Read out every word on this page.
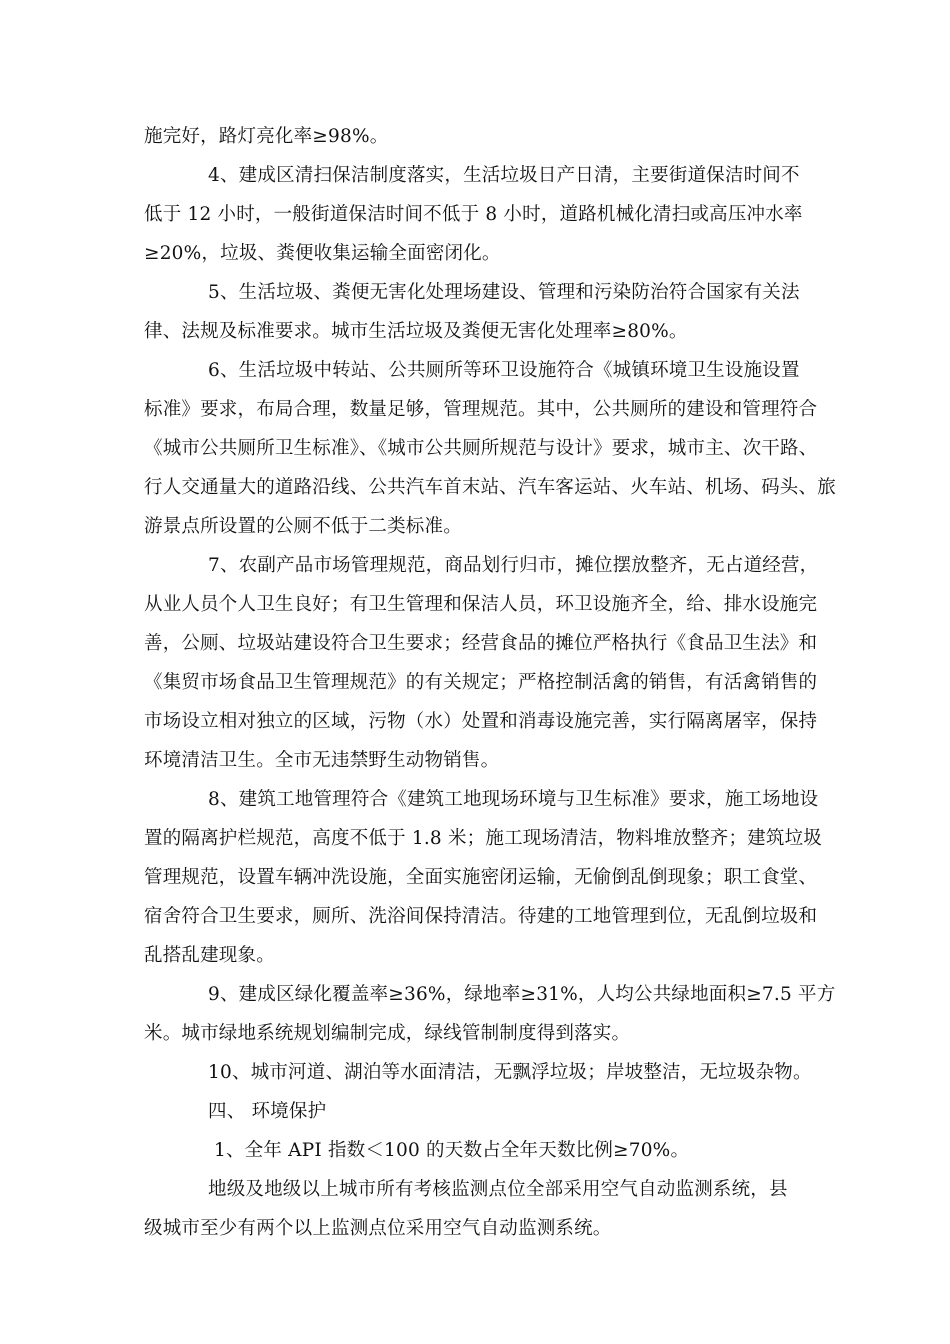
施完好，路灯亮化率≥98%。
4、建成区清扫保洁制度落实，生活垃圾日产日清，主要街道保洁时间不
低于 12 小时，一般街道保洁时间不低于 8 小时，道路机械化清扫或高压冲水率
≥20%，垃圾、粪便收集运输全面密闭化。
5、生活垃圾、粪便无害化处理场建设、管理和污染防治符合国家有关法
律、法规及标准要求。城市生活垃圾及粪便无害化处理率≥80%。
6、生活垃圾中转站、公共厕所等环卫设施符合《城镇环境卫生设施设置
标准》要求，布局合理，数量足够，管理规范。其中，公共厕所的建设和管理符合
《城市公共厕所卫生标准》、《城市公共厕所规范与设计》要求，城市主、次干路、
行人交通量大的道路沿线、公共汽车首末站、汽车客运站、火车站、机场、码头、旅
游景点所设置的公厕不低于二类标准。
7、农副产品市场管理规范，商品划行归市，摊位摆放整齐，无占道经营，
从业人员个人卫生良好；有卫生管理和保洁人员，环卫设施齐全，给、排水设施完
善，公厕、垃圾站建设符合卫生要求；经营食品的摊位严格执行《食品卫生法》和
《集贸市场食品卫生管理规范》的有关规定；严格控制活禽的销售，有活禽销售的
市场设立相对独立的区域，污物（水）处置和消毒设施完善，实行隔离屠宰，保持
环境清洁卫生。全市无违禁野生动物销售。
8、建筑工地管理符合《建筑工地现场环境与卫生标准》要求，施工场地设
置的隔离护栏规范，高度不低于 1.8 米；施工现场清洁，物料堆放整齐；建筑垃圾
管理规范，设置车辆冲洗设施，全面实施密闭运输，无偷倒乱倒现象；职工食堂、
宿舍符合卫生要求，厕所、洗浴间保持清洁。待建的工地管理到位，无乱倒垃圾和
乱搭乱建现象。
9、建成区绿化覆盖率≥36%，绿地率≥31%，人均公共绿地面积≥7.5 平方
米。城市绿地系统规划编制完成，绿线管制制度得到落实。
10、城市河道、湖泊等水面清洁，无飘浮垃圾；岸坡整洁，无垃圾杂物。
四、 环境保护
1、全年 API 指数＜100 的天数占全年天数比例≥70%。
地级及地级以上城市所有考核监测点位全部采用空气自动监测系统，县
级城市至少有两个以上监测点位采用空气自动监测系统。
